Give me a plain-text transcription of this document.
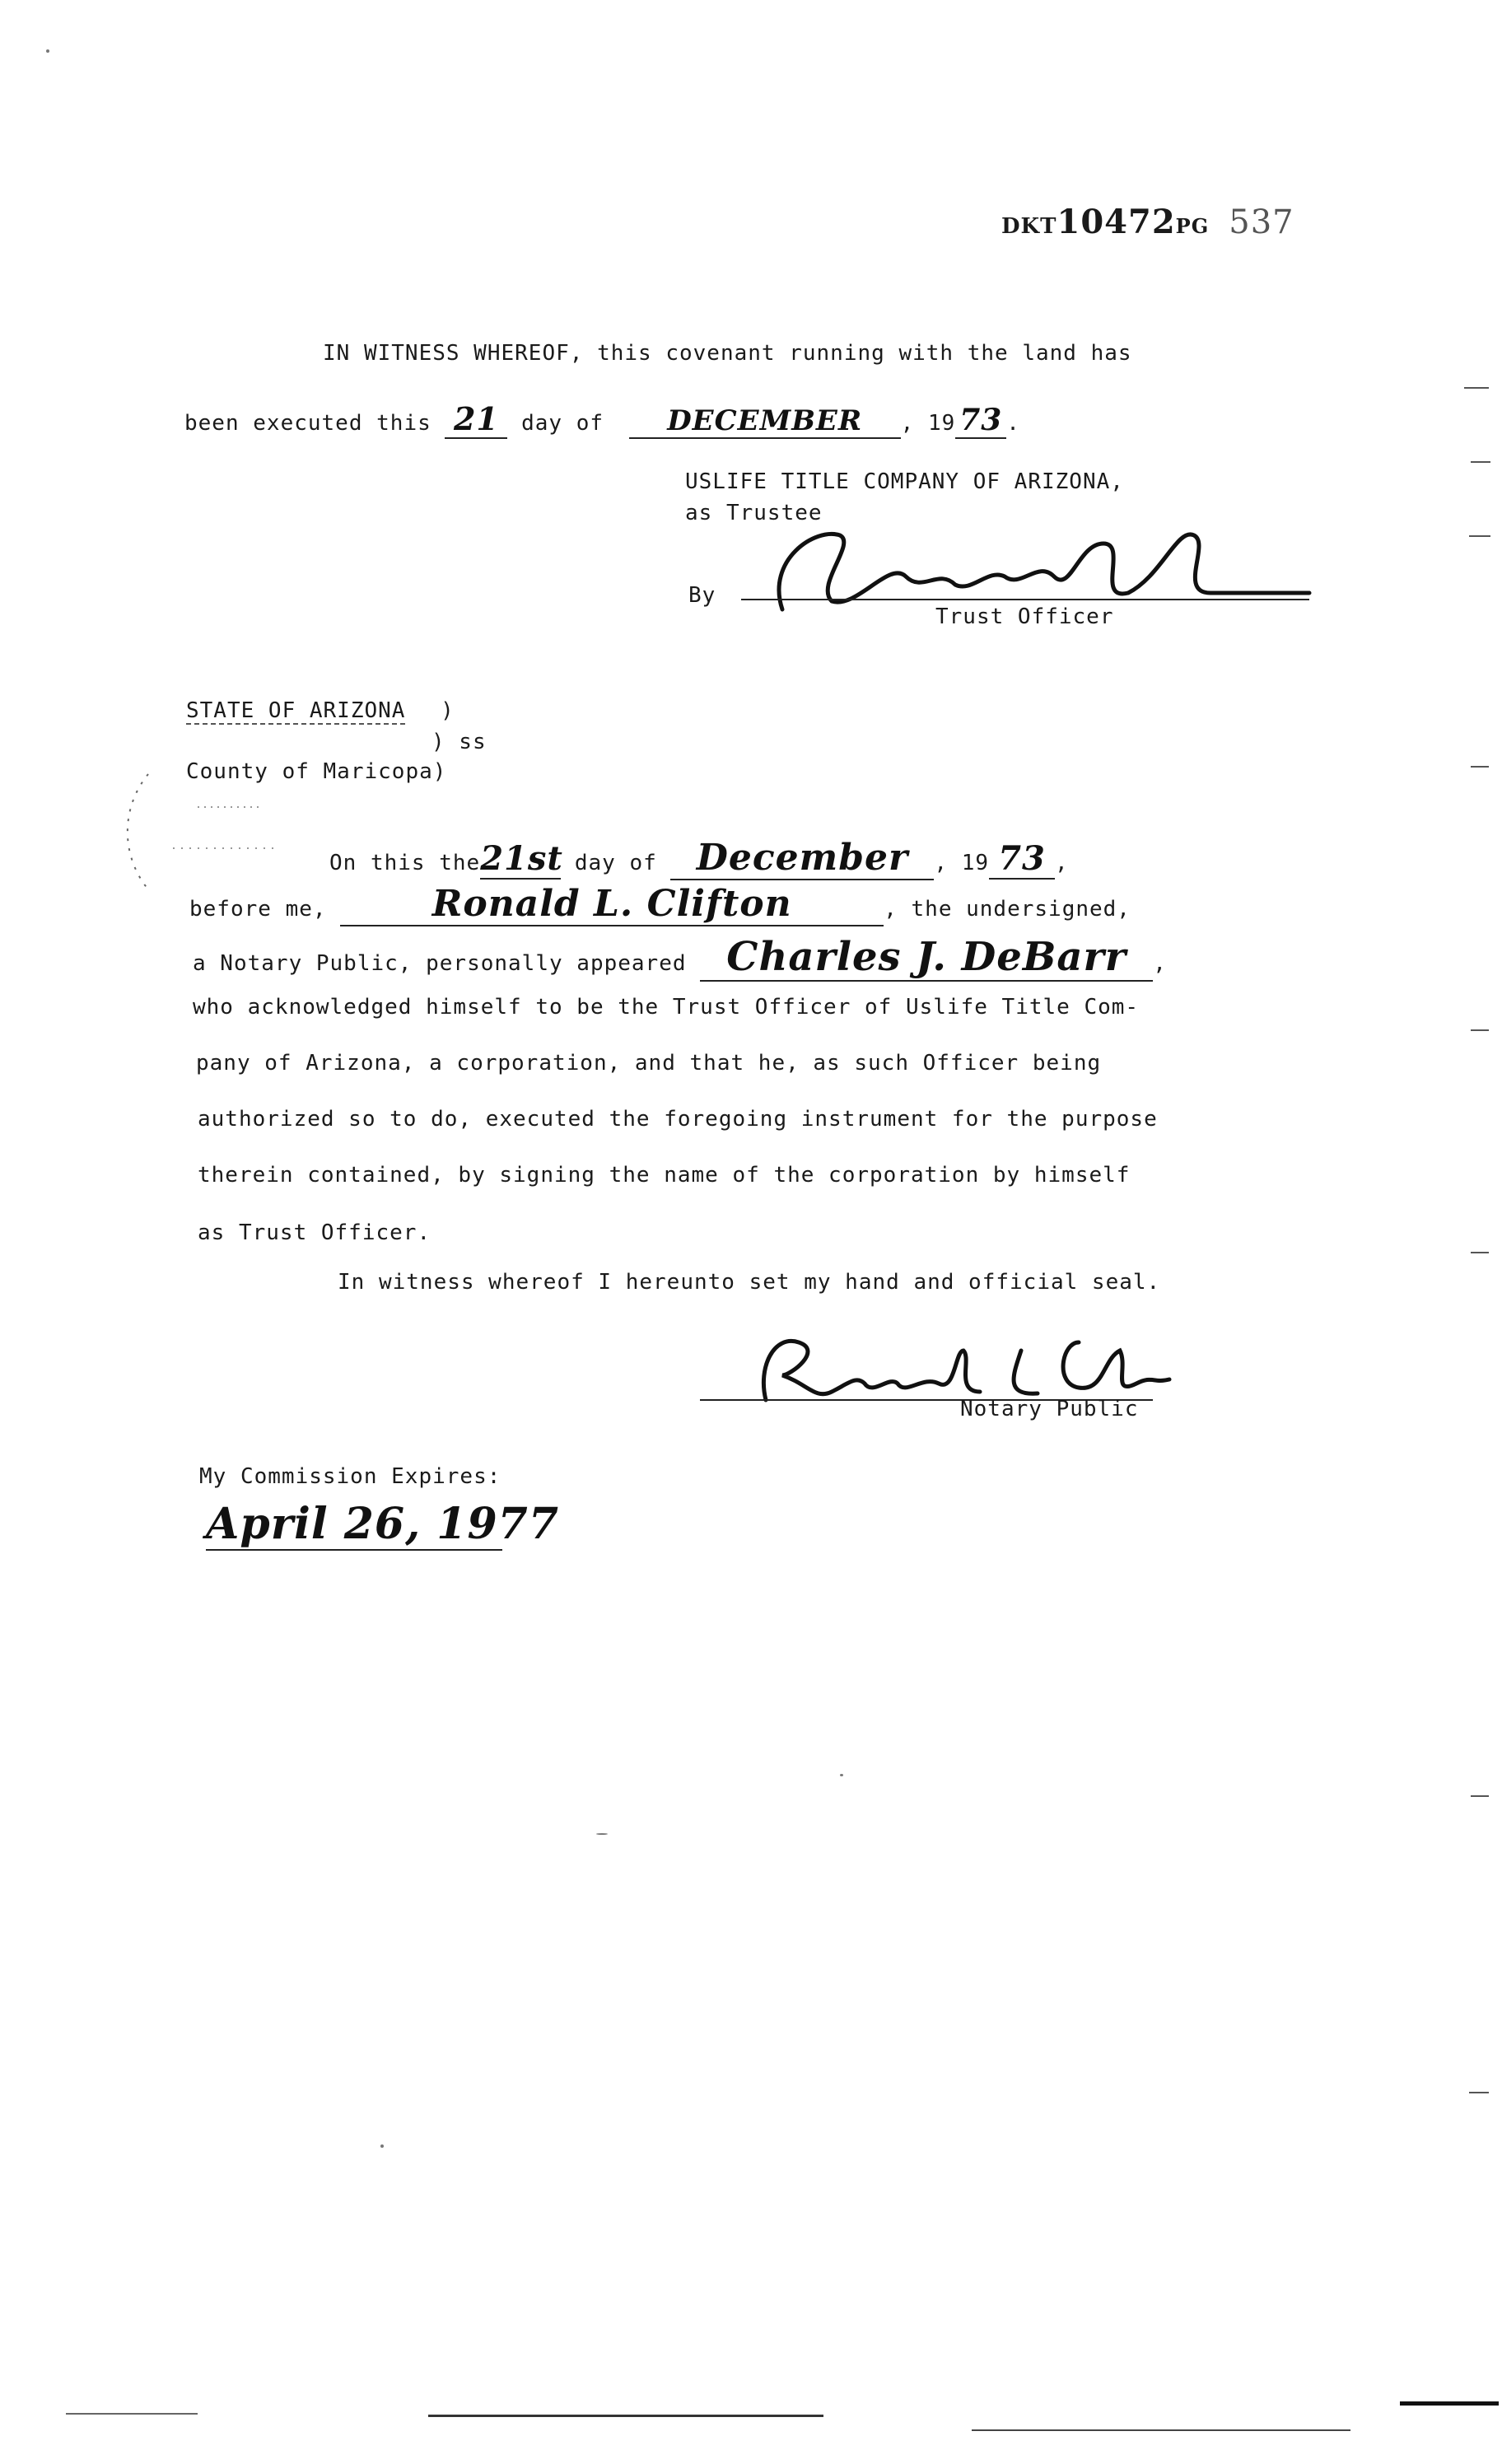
DKT10472PG 537
IN WITNESS WHEREOF, this covenant running with the land has
been executed this 21 day of DECEMBER , 19 73 .
USLIFE TITLE COMPANY OF ARIZONA,
as Trustee
By
Trust Officer
STATE OF ARIZONA )
) ss
County of Maricopa)
On this the21st day of December , 19 73 ,
before me,	Ronald L. Clifton	, the undersigned,
a Notary Public, personally appeared Charles J. DeBarr ,
who acknowledged himself to be the Trust Officer of Uslife Title Com-
pany of Arizona, a corporation, and that he, as such Officer being
authorized so to do, executed the foregoing instrument for the purpose
therein contained, by signing the name of the corporation by himself
as Trust Officer.
In witness whereof I hereunto set my hand and official seal.
Notary Public
My Commission Expires:
April 26, 1977
